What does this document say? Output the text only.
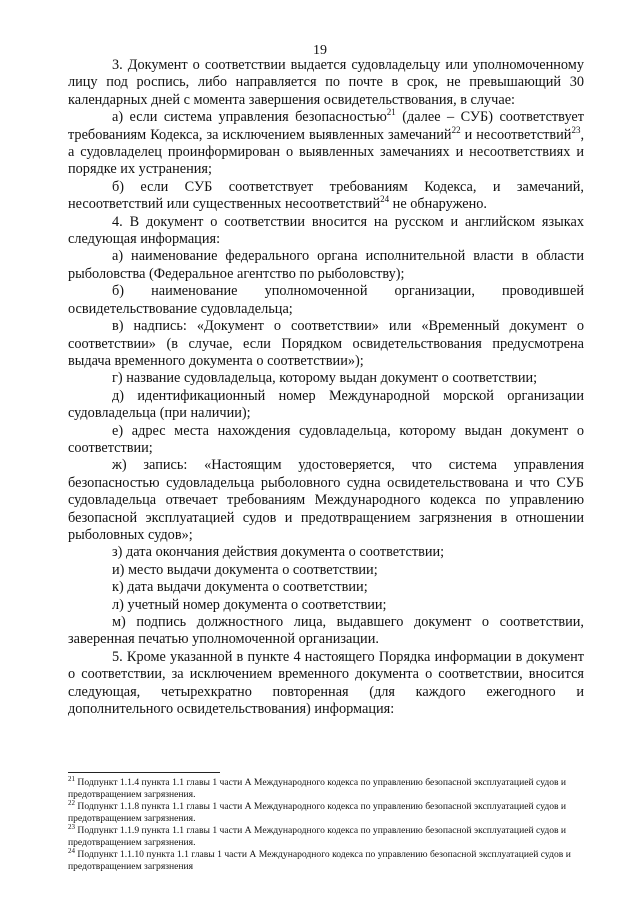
19

3. Документ о соответствии выдается судовладельцу или уполномоченному лицу под роспись, либо направляется по почте в срок, не превышающий 30 календарных дней с момента завершения освидетельствования, в случае:

а) если система управления безопасностью$^{21}$ (далее – СУБ) соответствует требованиям Кодекса, за исключением выявленных замечаний$^{22}$ и несоответствий$^{23}$, а судовладелец проинформирован о выявленных замечаниях и несоответствиях и порядке их устранения;

б) если СУБ соответствует требованиям Кодекса, и замечаний, несоответствий или существенных несоответствий$^{24}$ не обнаружено.

4. В документ о соответствии вносится на русском и английском языках следующая информация:

а) наименование федерального органа исполнительной власти в области рыболовства (Федеральное агентство по рыболовству);

б) наименование уполномоченной организации, проводившей освидетельствование судовладельца;

в) надпись: «Документ о соответствии» или «Временный документ о соответствии» (в случае, если Порядком освидетельствования предусмотрена выдача временного документа о соответствии»);

г) название судовладельца, которому выдан документ о соответствии;

д) идентификационный номер Международной морской организации судовладельца (при наличии);

е) адрес места нахождения судовладельца, которому выдан документ о соответствии;

ж) запись: «Настоящим удостоверяется, что система управления безопасностью судовладельца рыболовного судна освидетельствована и что СУБ судовладельца отвечает требованиям Международного кодекса по управлению безопасной эксплуатацией судов и предотвращением загрязнения в отношении рыболовных судов»;

з) дата окончания действия документа о соответствии;

и) место выдачи документа о соответствии;

к) дата выдачи документа о соответствии;

л) учетный номер документа о соответствии;

м) подпись должностного лица, выдавшего документ о соответствии, заверенная печатью уполномоченной организации.

5. Кроме указанной в пункте 4 настоящего Порядка информации в документ о соответствии, за исключением временного документа о соответствии, вносится следующая, четырехкратно повторенная (для каждого ежегодного и дополнительного освидетельствования) информация:

$^{21}$ Подпункт 1.1.4 пункта 1.1 главы 1 части А Международного кодекса по управлению безопасной эксплуатацией судов и предотвращением загрязнения.

$^{22}$ Подпункт 1.1.8 пункта 1.1 главы 1 части А Международного кодекса по управлению безопасной эксплуатацией судов и предотвращением загрязнения.

$^{23}$ Подпункт 1.1.9 пункта 1.1 главы 1 части А Международного кодекса по управлению безопасной эксплуатацией судов и предотвращением загрязнения.

$^{24}$ Подпункт 1.1.10 пункта 1.1 главы 1 части А Международного кодекса по управлению безопасной эксплуатацией судов и предотвращением загрязнения
